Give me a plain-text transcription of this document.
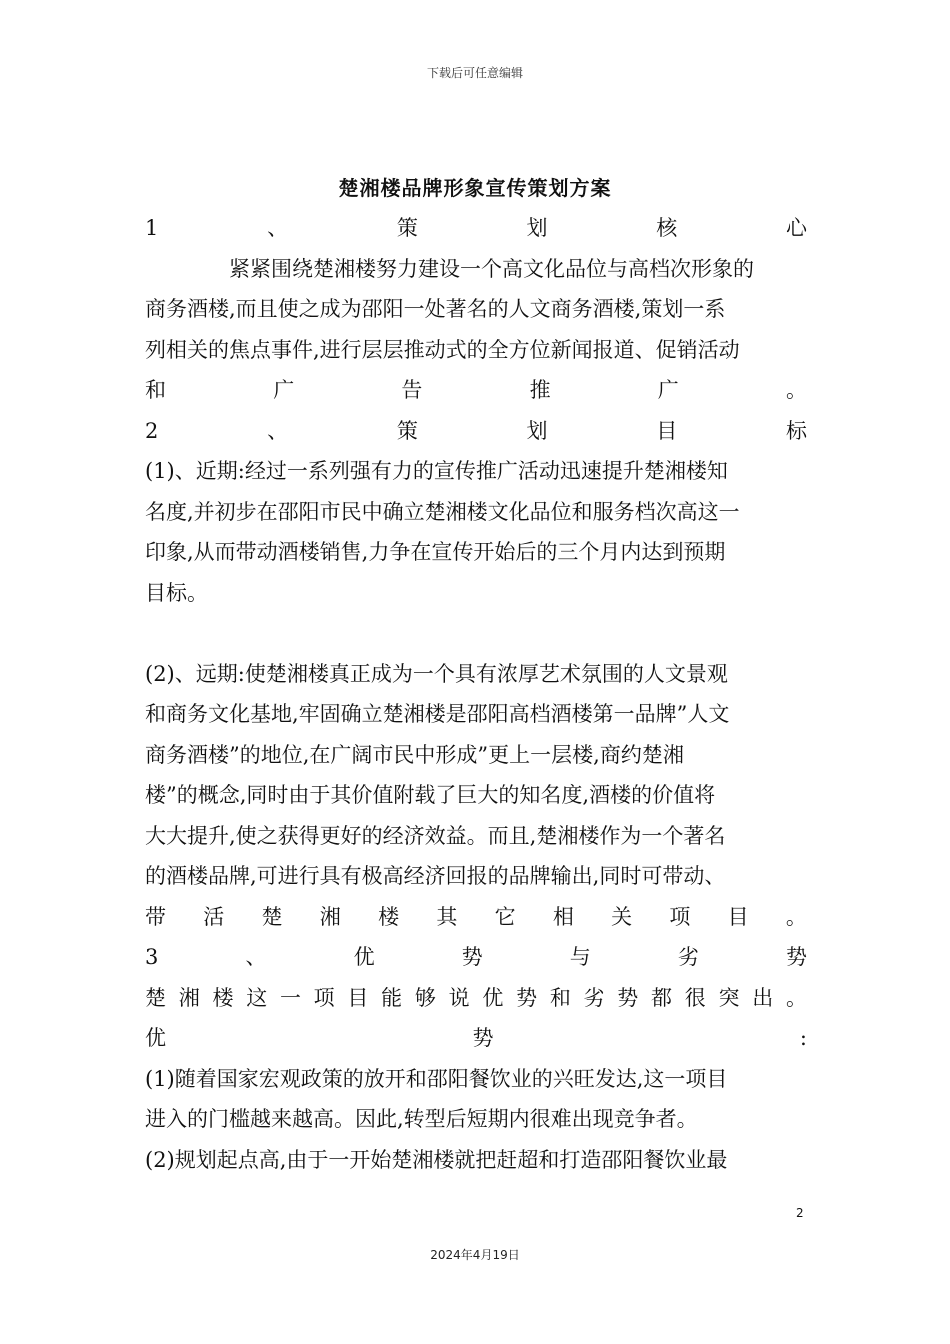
下载后可任意编辑
楚湘楼品牌形象宣传策划方案
1	、	策	划	核	心
紧紧围绕楚湘楼努力建设一个高文化品位与高档次形象的
商务酒楼,而且使之成为邵阳一处著名的人文商务酒楼,策划一系
列相关的焦点事件,进行层层推动式的全方位新闻报道、促销活动
和	广	告	推	广	。
2	、	策	划	目	标
(1)、近期:经过一系列强有力的宣传推广活动迅速提升楚湘楼知
名度,并初步在邵阳市民中确立楚湘楼文化品位和服务档次高这一
印象,从而带动酒楼销售,力争在宣传开始后的三个月内达到预期
目标。
(2)、远期:使楚湘楼真正成为一个具有浓厚艺术氛围的人文景观
和商务文化基地,牢固确立楚湘楼是邵阳高档酒楼第一品牌”人文
商务酒楼”的地位,在广阔市民中形成”更上一层楼,商约楚湘
楼”的概念,同时由于其价值附载了巨大的知名度,酒楼的价值将
大大提升,使之获得更好的经济效益。而且,楚湘楼作为一个著名
的酒楼品牌,可进行具有极高经济回报的品牌输出,同时可带动、
带 活 楚 湘 楼 其 它 相 关 项 目 。
3	、	优	势	与	劣	势
楚 湘 楼 这 一 项 目 能 够 说 优 势 和 劣 势 都 很 突 出 。
优	势	:
(1)随着国家宏观政策的放开和邵阳餐饮业的兴旺发达,这一项目
进入的门槛越来越高。因此,转型后短期内很难出现竞争者。
(2)规划起点高,由于一开始楚湘楼就把赶超和打造邵阳餐饮业最
2
2024年4月19日
